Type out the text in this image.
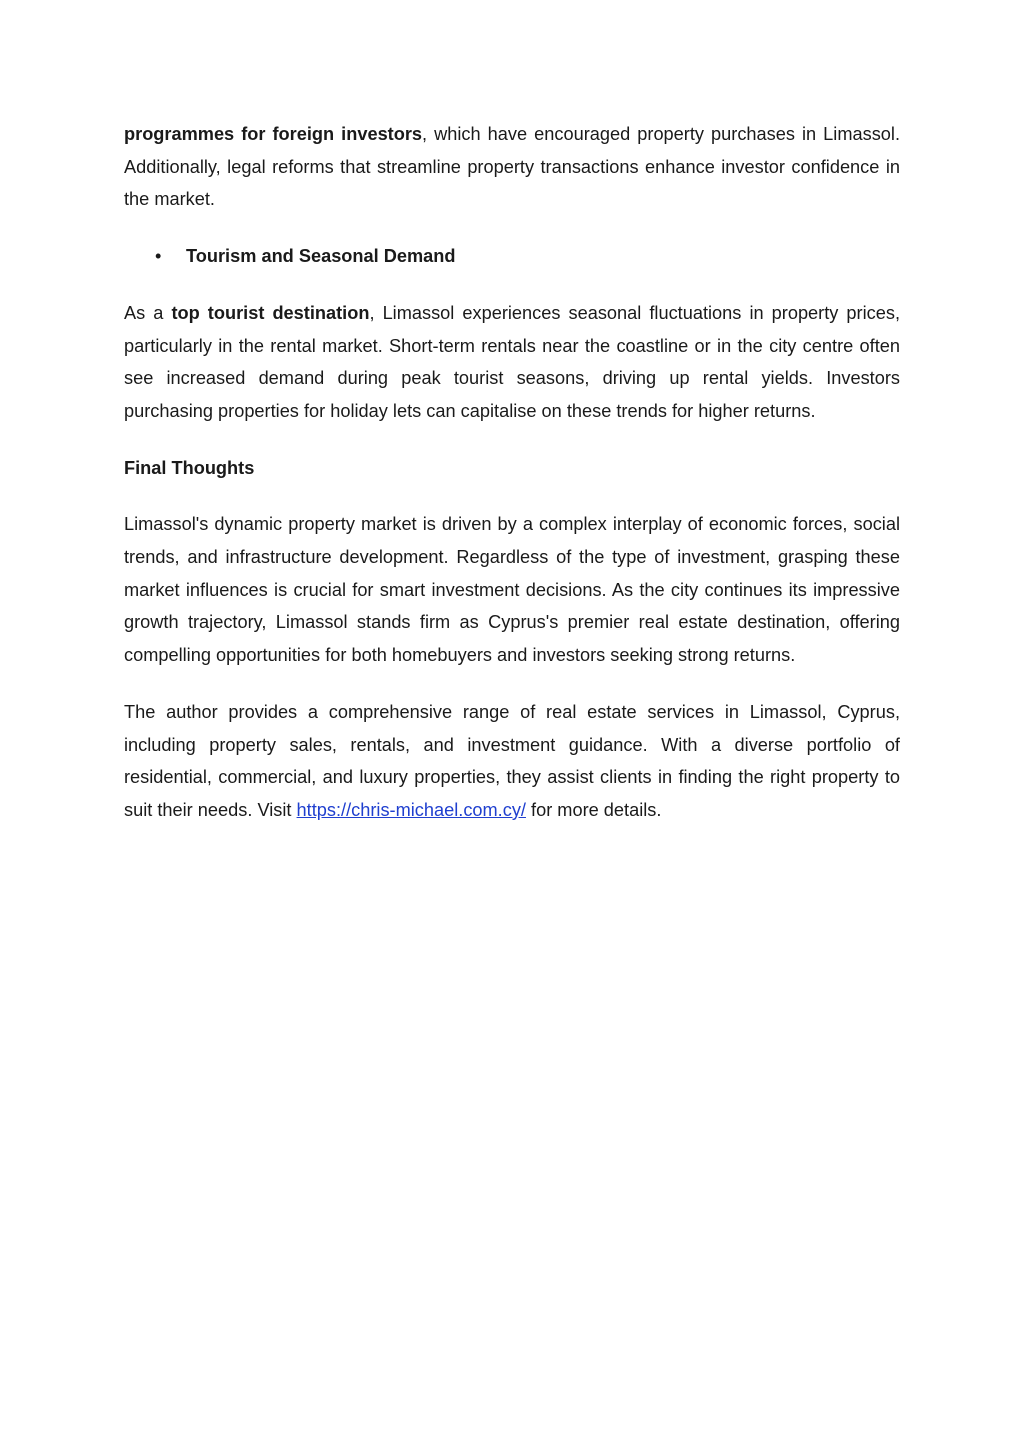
programmes for foreign investors, which have encouraged property purchases in Limassol. Additionally, legal reforms that streamline property transactions enhance investor confidence in the market.

• Tourism and Seasonal Demand

As a top tourist destination, Limassol experiences seasonal fluctuations in property prices, particularly in the rental market. Short-term rentals near the coastline or in the city centre often see increased demand during peak tourist seasons, driving up rental yields. Investors purchasing properties for holiday lets can capitalise on these trends for higher returns.

Final Thoughts

Limassol's dynamic property market is driven by a complex interplay of economic forces, social trends, and infrastructure development. Regardless of the type of investment, grasping these market influences is crucial for smart investment decisions. As the city continues its impressive growth trajectory, Limassol stands firm as Cyprus's premier real estate destination, offering compelling opportunities for both homebuyers and investors seeking strong returns.

The author provides a comprehensive range of real estate services in Limassol, Cyprus, including property sales, rentals, and investment guidance. With a diverse portfolio of residential, commercial, and luxury properties, they assist clients in finding the right property to suit their needs. Visit https://chris-michael.com.cy/ for more details.
